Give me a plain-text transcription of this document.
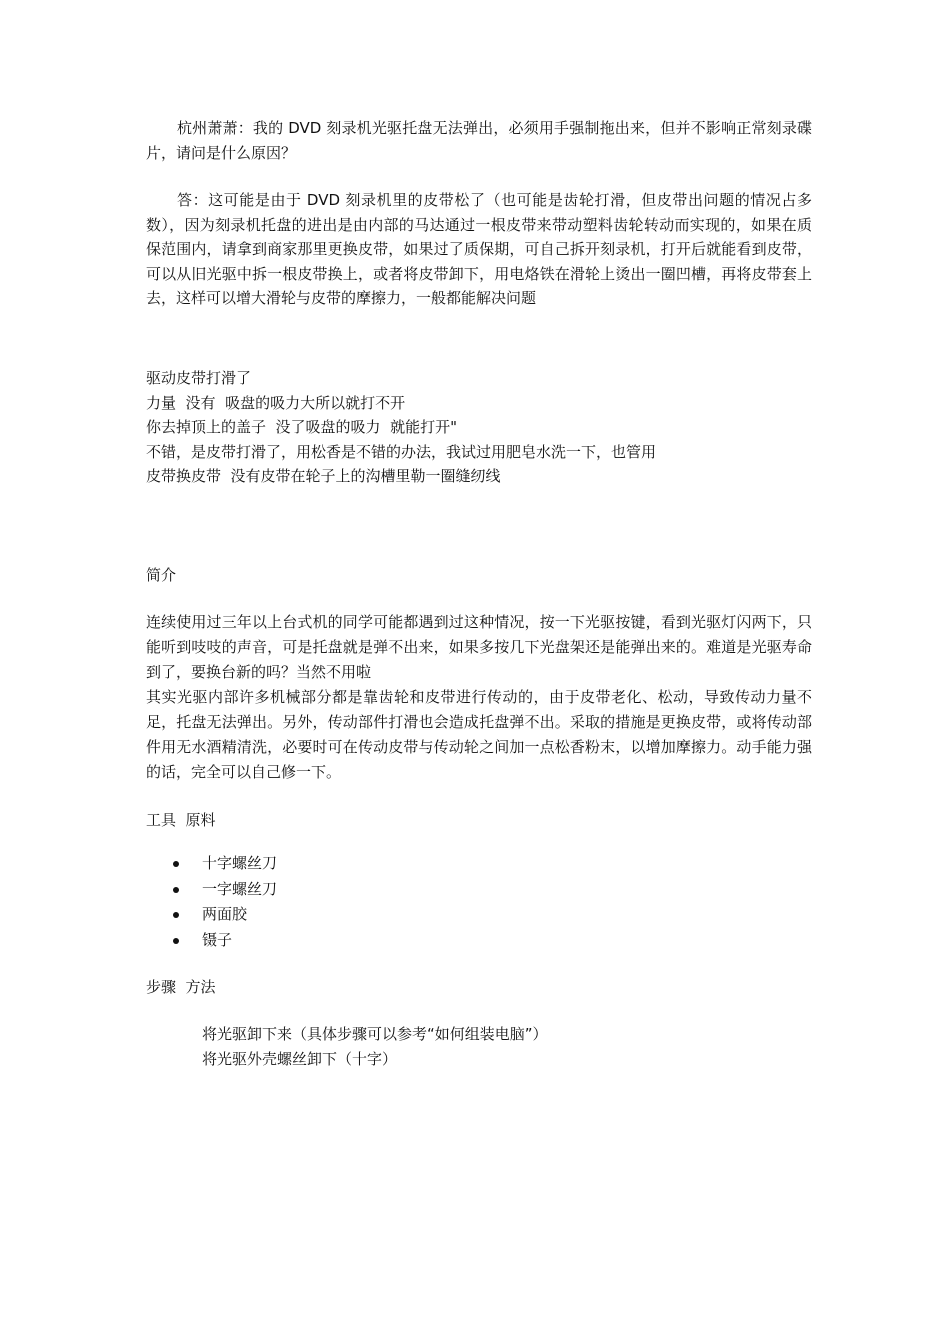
杭州萧萧：我的 DVD 刻录机光驱托盘无法弹出，必须用手强制拖出来，但并不影响正常刻录碟片，请问是什么原因？

答：这可能是由于 DVD 刻录机里的皮带松了（也可能是齿轮打滑，但皮带出问题的情况占多数），因为刻录机托盘的进出是由内部的马达通过一根皮带来带动塑料齿轮转动而实现的，如果在质保范围内，请拿到商家那里更换皮带，如果过了质保期，可自己拆开刻录机，打开后就能看到皮带，可以从旧光驱中拆一根皮带换上，或者将皮带卸下，用电烙铁在滑轮上烫出一圈凹槽，再将皮带套上去，这样可以增大滑轮与皮带的摩擦力，一般都能解决问题

驱动皮带打滑了
力量  没有  吸盘的吸力大所以就打不开
你去掉顶上的盖子  没了吸盘的吸力  就能打开"
不错，是皮带打滑了，用松香是不错的办法，我试过用肥皂水洗一下，也管用
皮带换皮带  没有皮带在轮子上的沟槽里勒一圈缝纫线

简介

连续使用过三年以上台式机的同学可能都遇到过这种情况，按一下光驱按键，看到光驱灯闪两下，只能听到吱吱的声音，可是托盘就是弹不出来，如果多按几下光盘架还是能弹出来的。难道是光驱寿命到了，要换台新的吗？当然不用啦
其实光驱内部许多机械部分都是靠齿轮和皮带进行传动的，由于皮带老化、松动，导致传动力量不足，托盘无法弹出。另外，传动部件打滑也会造成托盘弹不出。采取的措施是更换皮带，或将传动部件用无水酒精清洗，必要时可在传动皮带与传动轮之间加一点松香粉末，以增加摩擦力。动手能力强的话，完全可以自己修一下。

工具  原料

十字螺丝刀
一字螺丝刀
两面胶
镊子

步骤  方法

将光驱卸下来（具体步骤可以参考“如何组装电脑”）
将光驱外壳螺丝卸下（十字）
